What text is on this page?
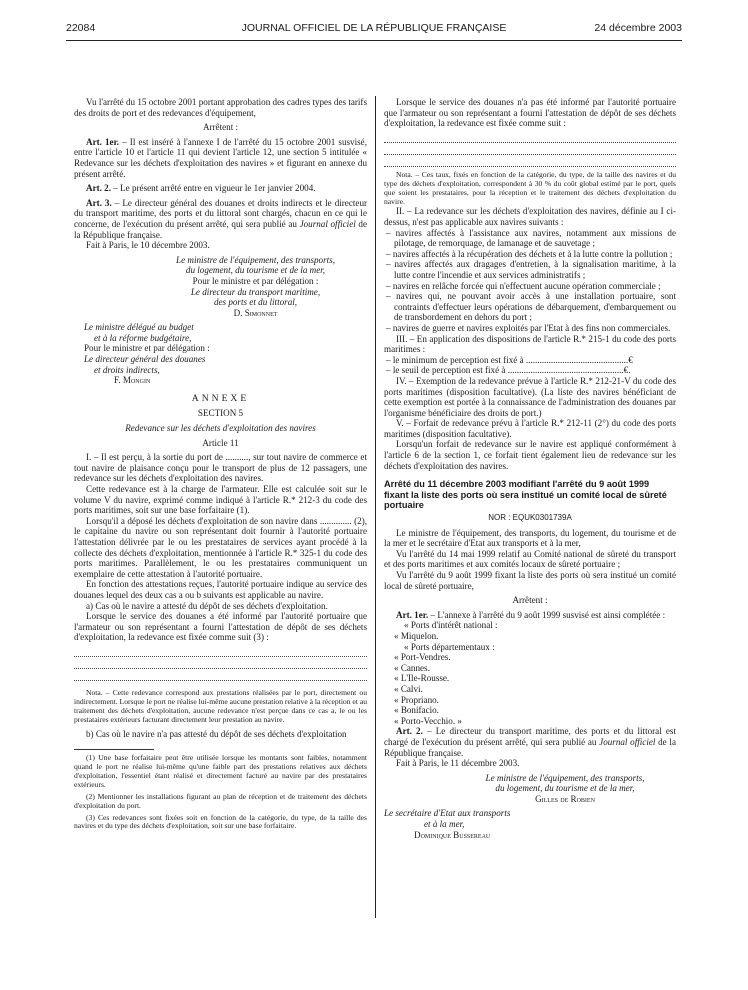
22084	JOURNAL OFFICIEL DE LA RÉPUBLIQUE FRANÇAISE	24 décembre 2003

Vu l'arrêté du 15 octobre 2001 portant approbation des cadres types des tarifs des droits de port et des redevances d'équipement,

Arrêtent :

Art. 1er. – Il est inséré à l'annexe I de l'arrêté du 15 octobre 2001 susvisé, entre l'article 10 et l'article 11 qui devient l'article 12, une section 5 intitulée « Redevance sur les déchets d'exploitation des navires » et figurant en annexe du présent arrêté.

Art. 2. – Le présent arrêté entre en vigueur le 1er janvier 2004.

Art. 3. – Le directeur général des douanes et droits indirects et le directeur du transport maritime, des ports et du littoral sont chargés, chacun en ce qui le concerne, de l'exécution du présent arrêté, qui sera publié au Journal officiel de la République française.

Fait à Paris, le 10 décembre 2003.

Le ministre de l'équipement, des transports,

du logement, du tourisme et de la mer,

Pour le ministre et par délégation :

Le directeur du transport maritime,

des ports et du littoral,

D. Simonnet

Le ministre délégué au budget

et à la réforme budgétaire,

Pour le ministre et par délégation :

Le directeur général des douanes

et droits indirects,

F. Mongin

ANNEXE

SECTION 5

Redevance sur les déchets d'exploitation des navires

Article 11

I. – Il est perçu, à la sortie du port de .........., sur tout navire de commerce et tout navire de plaisance conçu pour le transport de plus de 12 passagers, une redevance sur les déchets d'exploitation des navires.

Cette redevance est à la charge de l'armateur. Elle est calculée soit sur le volume V du navire, exprimé comme indiqué à l'article R.* 212-3 du code des ports maritimes, soit sur une base forfaitaire (1).

Lorsqu'il a déposé les déchets d'exploitation de son navire dans .............. (2), le capitaine du navire ou son représentant doit fournir à l'autorité portuaire l'attestation délivrée par le ou les prestataires de services ayant procédé à la collecte des déchets d'exploitation, mentionnée à l'article R.* 325-1 du code des ports maritimes. Parallèlement, le ou les prestataires communiquent un exemplaire de cette attestation à l'autorité portuaire.

En fonction des attestations reçues, l'autorité portuaire indique au service des douanes lequel des deux cas a ou b suivants est applicable au navire.

a) Cas où le navire a attesté du dépôt de ses déchets d'exploitation.

Lorsque le service des douanes a été informé par l'autorité portuaire que l'armateur ou son représentant a fourni l'attestation de dépôt de ses déchets d'exploitation, la redevance est fixée comme suit (3) :

Nota. – Cette redevance correspond aux prestations réalisées par le port, directement ou indirectement. Lorsque le port ne réalise lui-même aucune prestation relative à la réception et au traitement des déchets d'exploitation, aucune redevance n'est perçue dans ce cas a, le ou les prestataires extérieurs facturant directement leur prestation au navire.

b) Cas où le navire n'a pas attesté du dépôt de ses déchets d'exploitation

(1) Une base forfaitaire peut être utilisée lorsque les montants sont faibles, notamment quand le port ne réalise lui-même qu'une faible part des prestations relatives aux déchets d'exploitation, l'essentiel étant réalisé et directement facturé au navire par des prestataires extérieurs.

(2) Mentionner les installations figurant au plan de réception et de traitement des déchets d'exploitation du port.

(3) Ces redevances sont fixées soit en fonction de la catégorie, du type, de la taille des navires et du type des déchets d'exploitation, soit sur une base forfaitaire.

Lorsque le service des douanes n'a pas été informé par l'autorité portuaire que l'armateur ou son représentant a fourni l'attestation de dépôt de ses déchets d'exploitation, la redevance est fixée comme suit :

Nota. – Ces taux, fixés en fonction de la catégorie, du type, de la taille des navires et du type des déchets d'exploitation, correspondent à 30 % du coût global estimé par le port, quels que soient les prestataires, pour la réception et le traitement des déchets d'exploitation du navire.

II. – La redevance sur les déchets d'exploitation des navires, définie au I ci-dessus, n'est pas applicable aux navires suivants :

– navires affectés à l'assistance aux navires, notamment aux missions de pilotage, de remorquage, de lamanage et de sauvetage ;

– navires affectés à la récupération des déchets et à la lutte contre la pollution ;

– navires affectés aux dragages d'entretien, à la signalisation maritime, à la lutte contre l'incendie et aux services administratifs ;

– navires en relâche forcée qui n'effectuent aucune opération commerciale ;

– navires qui, ne pouvant avoir accès à une installation portuaire, sont contraints d'effectuer leurs opérations de débarquement, d'embarquement ou de transbordement en dehors du port ;

– navires de guerre et navires exploités par l'Etat à des fins non commerciales.

III. – En application des dispositions de l'article R.* 215-1 du code des ports maritimes :

– le minimum de perception est fixé à .............................................€

– le seuil de perception est fixé à ...................................................€.

IV. – Exemption de la redevance prévue à l'article R.* 212-21-V du code des ports maritimes (disposition facultative). (La liste des navires bénéficiant de cette exemption est portée à la connaissance de l'administration des douanes par l'organisme bénéficiaire des droits de port.)

V. – Forfait de redevance prévu à l'article R.* 212-11 (2°) du code des ports maritimes (disposition facultative).

Lorsqu'un forfait de redevance sur le navire est appliqué conformément à l'article 6 de la section 1, ce forfait tient également lieu de redevance sur les déchets d'exploitation des navires.

Arrêté du 11 décembre 2003 modifiant l'arrêté du 9 août 1999 fixant la liste des ports où sera institué un comité local de sûreté portuaire

NOR : EQUK0301739A

Le ministre de l'équipement, des transports, du logement, du tourisme et de la mer et le secrétaire d'Etat aux transports et à la mer,

Vu l'arrêté du 14 mai 1999 relatif au Comité national de sûreté du transport et des ports maritimes et aux comités locaux de sûreté portuaire ;

Vu l'arrêté du 9 août 1999 fixant la liste des ports où sera institué un comité local de sûreté portuaire,

Arrêtent :

Art. 1er. – L'annexe à l'arrêté du 9 août 1999 susvisé est ainsi complétée :

« Ports d'intérêt national :

« Miquelon.

« Ports départementaux :

« Port-Vendres.

« Cannes.

« L'Ile-Rousse.

« Calvi.

« Propriano.

« Bonifacio.

« Porto-Vecchio. »

Art. 2. – Le directeur du transport maritime, des ports et du littoral est chargé de l'exécution du présent arrêté, qui sera publié au Journal officiel de la République française.

Fait à Paris, le 11 décembre 2003.

Le ministre de l'équipement, des transports,

du logement, du tourisme et de la mer,

Gilles de Robien

Le secrétaire d'Etat aux transports

et à la mer,

Dominique Bussereau
